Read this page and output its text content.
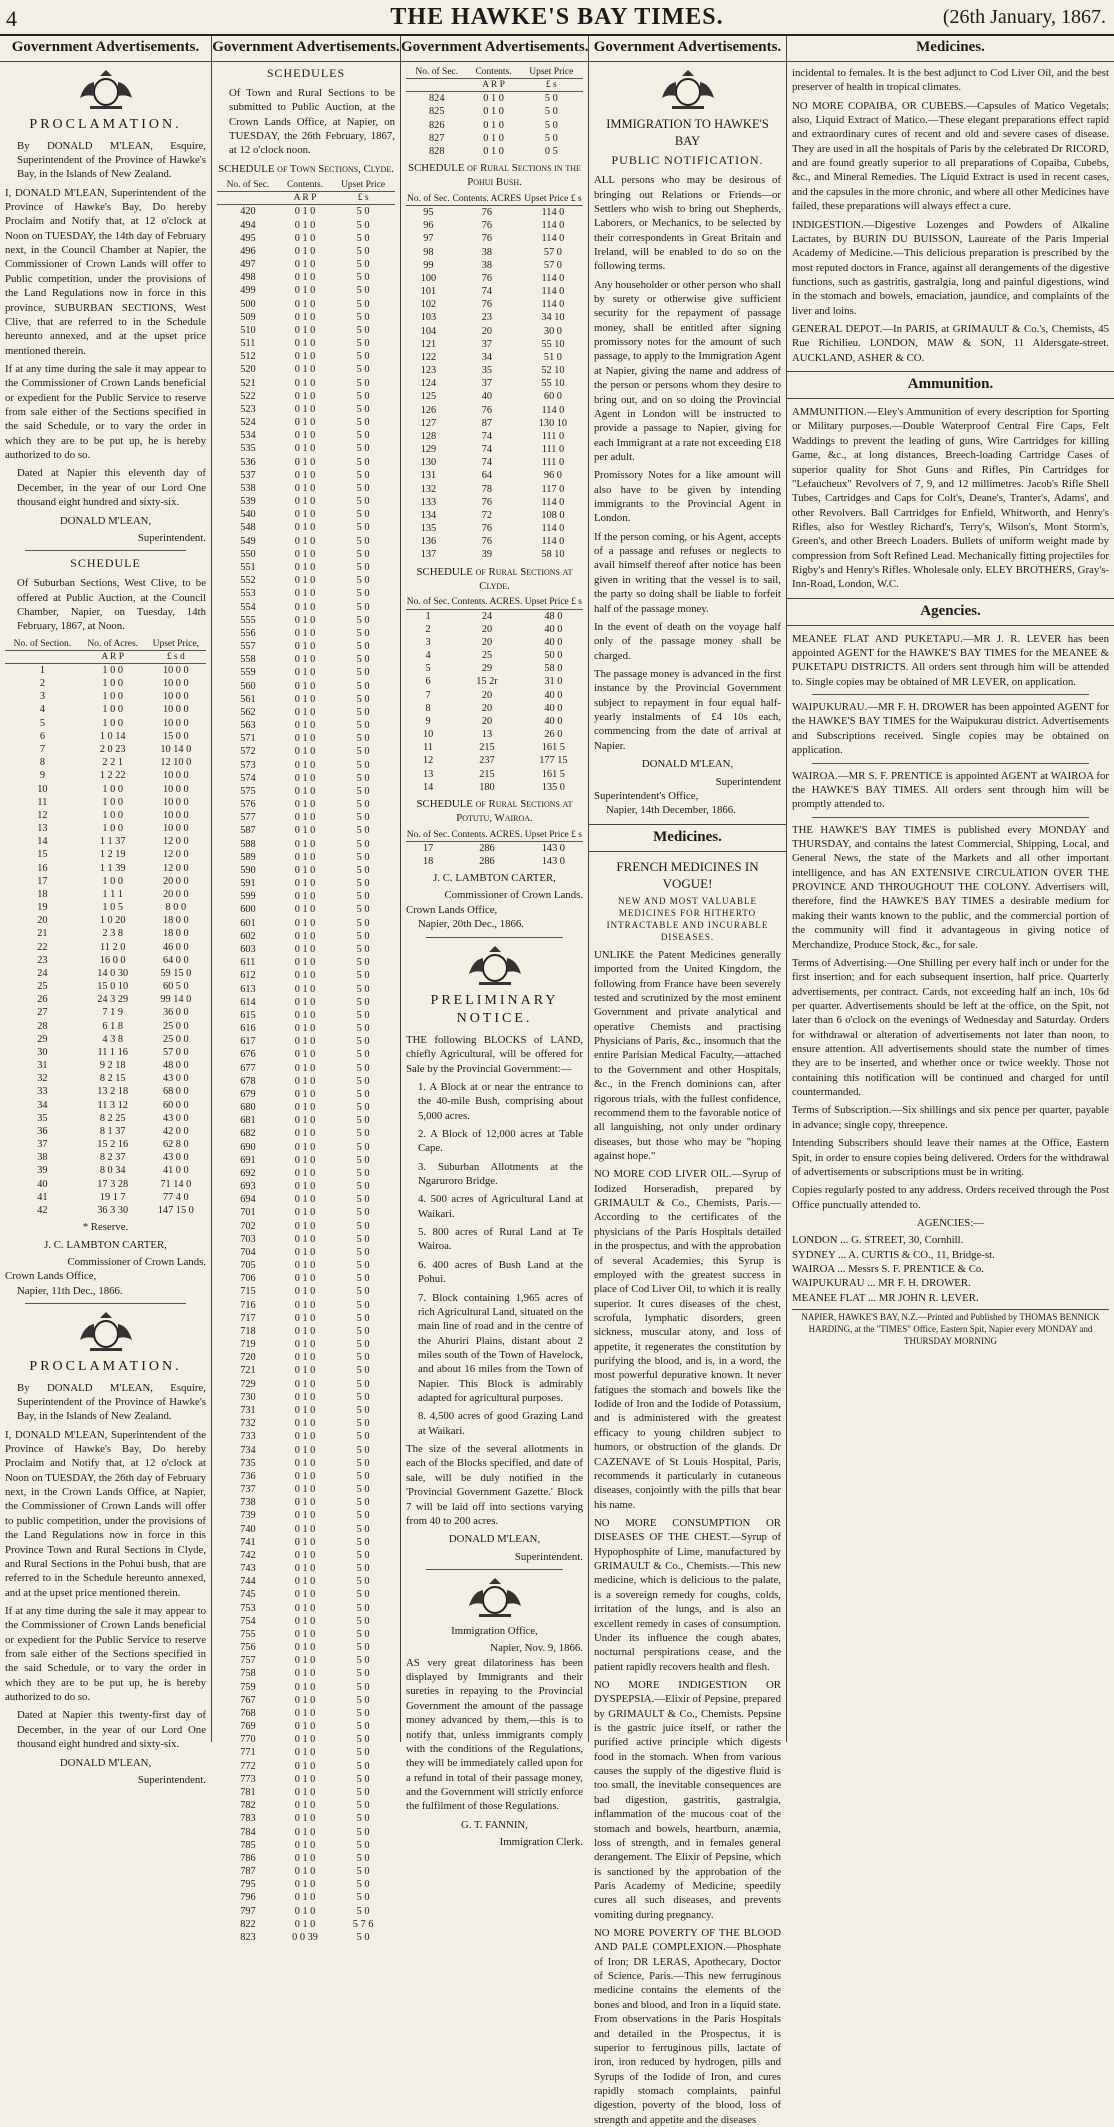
4	THE HAWKE'S BAY TIMES.	(26th January, 1867.
Government Advertisements.
PROCLAMATION.

By DONALD M'LEAN, Esquire, Superintendent of the Province of Hawke's Bay, in the Islands of New Zealand.

I, DONALD M'LEAN, Superintendent of the Province of Hawke's Bay, Do hereby Proclaim and Notify that, at 12 o'clock at Noon on TUESDAY, the 14th day of February next, in the Council Chamber at Napier, the Commissioner of Crown Lands will offer to Public competition, under the provisions of the Land Regulations now in force in this province, SUBURBAN SECTIONS, West Clive, that are referred to in the Schedule hereunto annexed, and at the upset price mentioned therein.

If at any time during the sale it may appear to the Commissioner of Crown Lands beneficial or expedient for the Public Service to reserve from sale either of the Sections specified in the said Schedule, or to vary the order in which they are to be put up, he is hereby authorized to do so.

Dated at Napier this eleventh day of December, in the year of our Lord One thousand eight hundred and sixty-six.

DONALD M'LEAN,
Superintendent.
SCHEDULE

Of Suburban Sections, West Clive, to be offered at Public Auction, at the Council Chamber, Napier, on Tuesday, 14th February, 1867, at Noon.

No. of Section.	No. of Acres.	Upset Price,
	A R P	£ s d
1	1 0 0	10 0 0
2	1 0 0	10 0 0
3	1 0 0	10 0 0
4	1 0 0	10 0 0
5	1 0 0	10 0 0
6	1 0 14	15 0 0
7	2 0 23	10 14 0
8	2 2 1	12 10 0
9	1 2 22	10 0 0
10	1 0 0	10 0 0
11	1 0 0	10 0 0
12	1 0 0	10 0 0
13	1 0 0	10 0 0
14	1 1 37	12 0 0
15	1 2 19	12 0 0
16	1 1 39	12 0 0
17	1 0 0	20 0 0
18	1 1 1	20 0 0
19	1 0 5	8 0 0
20	1 0 20	18 0 0
21	2 3 8	18 0 0
22	11 2 0	46 0 0
23	16 0 0	64 0 0
24	14 0 30	59 15 0
25	15 0 10	60 5 0
26	24 3 29	99 14 0
27	7 1 9	36 0 0
28	6 1 8	25 0 0
29	4 3 8	25 0 0
30	11 1 16	57 0 0
31	9 2 18	48 0 0
32	8 2 15	43 0 0
33	13 2 18	68 0 0
34	11 3 12	60 0 0
35	8 2 25	43 0 0
36	8 1 37	42 0 0
37	15 2 16	62 8 0
38	8 2 37	43 0 0
39	8 0 34	41 0 0
40	17 3 28	71 14 0
41	19 1 7	77 4 0
42	36 3 30	147 15 0
* Reserve.
J. C. LAMBTON CARTER,
Commissioner of Crown Lands.
Crown Lands Office,
Napier, 11th Dec., 1866.
PROCLAMATION.

By DONALD M'LEAN, Esquire, Superintendent of the Province of Hawke's Bay, in the Islands of New Zealand.

I, DONALD M'LEAN, Superintendent of the Province of Hawke's Bay, Do hereby Proclaim and Notify that, at 12 o'clock at Noon on TUESDAY, the 26th day of February next, in the Crown Lands Office, at Napier, the Commissioner of Crown Lands will offer to public competition, under the provisions of the Land Regulations now in force in this Province Town and Rural Sections in Clyde, and Rural Sections in the Pohui bush, that are referred to in the Schedule hereunto annexed, and at the upset price mentioned therein.

If at any time during the sale it may appear to the Commissioner of Crown Lands beneficial or expedient for the Public Service to reserve from sale either of the Sections specified in the said Schedule, or to vary the order in which they are to be put up, he is hereby authorized to do so.

Dated at Napier this twenty-first day of December, in the year of our Lord One thousand eight hundred and sixty-six.

DONALD M'LEAN,
Superintendent.
Government Advertisements.
SCHEDULES

Of Town and Rural Sections to be submitted to Public Auction, at the Crown Lands Office, at Napier, on TUESDAY, the 26th February, 1867, at 12 o'clock noon.

SCHEDULE of Town Sections, Clyde.
No. of Sec.	Contents.	Upset Price
	A R P	£ s
420	0 1 0	5 0
494	0 1 0	5 0
495	0 1 0	5 0
496	0 1 0	5 0
497	0 1 0	5 0
498	0 1 0	5 0
499	0 1 0	5 0
500	0 1 0	5 0
509	0 1 0	5 0
510	0 1 0	5 0
511	0 1 0	5 0
512	0 1 0	5 0
520	0 1 0	5 0
521	0 1 0	5 0
522	0 1 0	5 0
523	0 1 0	5 0
524	0 1 0	5 0
534	0 1 0	5 0
535	0 1 0	5 0
536	0 1 0	5 0
537	0 1 0	5 0
538	0 1 0	5 0
539	0 1 0	5 0
540	0 1 0	5 0
548	0 1 0	5 0
549	0 1 0	5 0
550	0 1 0	5 0
551	0 1 0	5 0
552	0 1 0	5 0
553	0 1 0	5 0
554	0 1 0	5 0
555	0 1 0	5 0
556	0 1 0	5 0
557	0 1 0	5 0
558	0 1 0	5 0
559	0 1 0	5 0
560	0 1 0	5 0
561	0 1 0	5 0
562	0 1 0	5 0
563	0 1 0	5 0
571	0 1 0	5 0
572	0 1 0	5 0
573	0 1 0	5 0
574	0 1 0	5 0
575	0 1 0	5 0
576	0 1 0	5 0
577	0 1 0	5 0
587	0 1 0	5 0
588	0 1 0	5 0
589	0 1 0	5 0
590	0 1 0	5 0
591	0 1 0	5 0
599	0 1 0	5 0
600	0 1 0	5 0
601	0 1 0	5 0
602	0 1 0	5 0
603	0 1 0	5 0
611	0 1 0	5 0
612	0 1 0	5 0
613	0 1 0	5 0
614	0 1 0	5 0
615	0 1 0	5 0
616	0 1 0	5 0
617	0 1 0	5 0
676	0 1 0	5 0
677	0 1 0	5 0
678	0 1 0	5 0
679	0 1 0	5 0
680	0 1 0	5 0
681	0 1 0	5 0
682	0 1 0	5 0
690	0 1 0	5 0
691	0 1 0	5 0
692	0 1 0	5 0
693	0 1 0	5 0
694	0 1 0	5 0
701	0 1 0	5 0
702	0 1 0	5 0
703	0 1 0	5 0
704	0 1 0	5 0
705	0 1 0	5 0
706	0 1 0	5 0
715	0 1 0	5 0
716	0 1 0	5 0
717	0 1 0	5 0
718	0 1 0	5 0
719	0 1 0	5 0
720	0 1 0	5 0
721	0 1 0	5 0
729	0 1 0	5 0
730	0 1 0	5 0
731	0 1 0	5 0
732	0 1 0	5 0
733	0 1 0	5 0
734	0 1 0	5 0
735	0 1 0	5 0
736	0 1 0	5 0
737	0 1 0	5 0
738	0 1 0	5 0
739	0 1 0	5 0
740	0 1 0	5 0
741	0 1 0	5 0
742	0 1 0	5 0
743	0 1 0	5 0
744	0 1 0	5 0
745	0 1 0	5 0
753	0 1 0	5 0
754	0 1 0	5 0
755	0 1 0	5 0
756	0 1 0	5 0
757	0 1 0	5 0
758	0 1 0	5 0
759	0 1 0	5 0
767	0 1 0	5 0
768	0 1 0	5 0
769	0 1 0	5 0
770	0 1 0	5 0
771	0 1 0	5 0
772	0 1 0	5 0
773	0 1 0	5 0
781	0 1 0	5 0
782	0 1 0	5 0
783	0 1 0	5 0
784	0 1 0	5 0
785	0 1 0	5 0
786	0 1 0	5 0
787	0 1 0	5 0
795	0 1 0	5 0
796	0 1 0	5 0
797	0 1 0	5 0
822	0 1 0	5 7 6
823	0 0 39	5 0
Government Advertisements.
No. of Sec.	Contents.	Upset Price
	A R P	£ s
824	0 1 0	5 0
825	0 1 0	5 0
826	0 1 0	5 0
827	0 1 0	5 0
828	0 1 0	0 5
SCHEDULE of Rural Sections in the Pohui Bush.
No. of Sec.	Contents. ACRES	Upset Price £ s
95	76	114 0
96	76	114 0
97	76	114 0
98	38	57 0
99	38	57 0
100	76	114 0
101	74	114 0
102	76	114 0
103	23	34 10
104	20	30 0
121	37	55 10
122	34	51 0
123	35	52 10
124	37	55 10
125	40	60 0
126	76	114 0
127	87	130 10
128	74	111 0
129	74	111 0
130	74	111 0
131	64	96 0
132	78	117 0
133	76	114 0
134	72	108 0
135	76	114 0
136	76	114 0
137	39	58 10
SCHEDULE of Rural Sections at Clyde.
No. of Sec.	Contents. ACRES.	Upset Price £ s
1	24	48 0
2	20	40 0
3	20	40 0
4	25	50 0
5	29	58 0
6	15 2r	31 0
7	20	40 0
8	20	40 0
9	20	40 0
10	13	26 0
11	215	161 5
12	237	177 15
13	215	161 5
14	180	135 0
SCHEDULE of Rural Sections at Potutu, Wairoa.
No. of Sec.	Contents. ACRES.	Upset Price £ s
17	286	143 0
18	286	143 0
J. C. LAMBTON CARTER,
Commissioner of Crown Lands.
Crown Lands Office,
Napier, 20th Dec., 1866.
PRELIMINARY NOTICE.

THE following BLOCKS of LAND, chiefly Agricultural, will be offered for Sale by the Provincial Government:—

1. A Block at or near the entrance to the 40-mile Bush, comprising about 5,000 acres.

2. A Block of 12,000 acres at Table Cape.

3. Suburban Allotments at the Ngaruroro Bridge.

4. 500 acres of Agricultural Land at Waikari.

5. 800 acres of Rural Land at Te Wairoa.

6. 400 acres of Bush Land at the Pohui.

7. Block containing 1,965 acres of rich Agricultural Land, situated on the main line of road and in the centre of the Ahuriri Plains, distant about 2 miles south of the Town of Havelock, and about 16 miles from the Town of Napier. This Block is admirably adapted for agricultural purposes.

8. 4,500 acres of good Grazing Land at Waikari.

The size of the several allotments in each of the Blocks specified, and date of sale, will be duly notified in the 'Provincial Government Gazette.' Block 7 will be laid off into sections varying from 40 to 200 acres.

DONALD M'LEAN,
Superintendent.
Immigration Office,
Napier, Nov. 9, 1866.

AS very great dilatoriness has been displayed by Immigrants and their sureties in repaying to the Provincial Government the amount of the passage money advanced by them,—this is to notify that, unless immigrants comply with the conditions of the Regulations, they will be immediately called upon for a refund in total of their passage money, and the Government will strictly enforce the fulfilment of those Regulations.

G. T. FANNIN,
Immigration Clerk.
Government Advertisements.
IMMIGRATION TO HAWKE'S BAY
PUBLIC NOTIFICATION.

ALL persons who may be desirous of bringing out Relations or Friends—or Settlers who wish to bring out Shepherds, Laborers, or Mechanics, to be selected by their correspondents in Great Britain and Ireland, will be enabled to do so on the following terms.

Any householder or other person who shall by surety or otherwise give sufficient security for the repayment of passage money, shall be entitled after signing promissory notes for the amount of such passage, to apply to the Immigration Agent at Napier, giving the name and address of the person or persons whom they desire to bring out, and on so doing the Provincial Agent in London will be instructed to provide a passage to Napier, giving for each Immigrant at a rate not exceeding £18 per adult.

Promissory Notes for a like amount will also have to be given by intending immigrants to the Provincial Agent in London.

If the person coming, or his Agent, accepts of a passage and refuses or neglects to avail himself thereof after notice has been given in writing that the vessel is to sail, the party so doing shall be liable to forfeit half of the passage money.

In the event of death on the voyage half only of the passage money shall be charged.

The passage money is advanced in the first instance by the Provincial Government subject to repayment in four equal half-yearly instalments of £4 10s each, commencing from the date of arrival at Napier.

DONALD M'LEAN,
Superintendent
Superintendent's Office,
Napier, 14th December, 1866.
Medicines.
FRENCH MEDICINES IN VOGUE!
NEW AND MOST VALUABLE MEDICINES FOR HITHERTO INTRACTABLE AND INCURABLE DISEASES.

UNLIKE the Patent Medicines generally imported from the United Kingdom, the following from France have been severely tested and scrutinized by the most eminent Government and private analytical and operative Chemists and practising Physicians of Paris, &c., insomuch that the entire Parisian Medical Faculty,—attached to the Government and other Hospitals, &c., in the French dominions can, after rigorous trials, with the fullest confidence, recommend them to the favorable notice of all languishing, not only under ordinary diseases, but those who may be "hoping against hope."

NO MORE COD LIVER OIL.—Syrup of Iodized Horseradish, prepared by GRIMAULT & Co., Chemists, Paris.—According to the certificates of the physicians of the Paris Hospitals detailed in the prospectus, and with the approbation of several Academies, this Syrup is employed with the greatest success in place of Cod Liver Oil, to which it is really superior. It cures diseases of the chest, scrofula, lymphatic disorders, green sickness, muscular atony, and loss of appetite, it regenerates the constitution by purifying the blood, and is, in a word, the most powerful depurative known. It never fatigues the stomach and bowels like the Iodide of Iron and the Iodide of Potassium, and is administered with the greatest efficacy to young children subject to humors, or obstruction of the glands. Dr CAZENAVE of St Louis Hospital, Paris, recommends it particularly in cutaneous diseases, conjointly with the pills that bear his name.

NO MORE CONSUMPTION OR DISEASES OF THE CHEST.—Syrup of Hypophosphite of Lime, manufactured by GRIMAULT & Co., Chemists.—This new medicine, which is delicious to the palate, is a sovereign remedy for coughs, colds, irritation of the lungs, and is also an excellent remedy in cases of consumption. Under its influence the cough abates, nocturnal perspirations cease, and the patient rapidly recovers health and flesh.

NO MORE INDIGESTION OR DYSPEPSIA.—Elixir of Pepsine, prepared by GRIMAULT & Co., Chemists. Pepsine is the gastric juice itself, or rather the purified active principle which digests food in the stomach. When from various causes the supply of the digestive fluid is too small, the inevitable consequences are bad digestion, gastritis, gastralgia, inflammation of the mucous coat of the stomach and bowels, heartburn, anæmia, loss of strength, and in females general derangement. The Elixir of Pepsine, which is sanctioned by the approbation of the Paris Academy of Medicine, speedily cures all such diseases, and prevents vomiting during pregnancy.

NO MORE POVERTY OF THE BLOOD AND PALE COMPLEXION.—Phosphate of Iron; DR LERAS, Apothecary, Doctor of Science, Paris.—This new ferruginous medicine contains the elements of the bones and blood, and Iron in a liquid state. From observations in the Paris Hospitals and detailed in the Prospectus, it is superior to ferruginous pills, lactate of iron, iron reduced by hydrogen, pills and Syrups of the Iodide of Iron, and cures rapidly stomach complaints, painful digestion, poverty of the blood, loss of strength and appetite and the diseases

Medicines.

incidental to females. It is the best adjunct to Cod Liver Oil, and the best preserver of health in tropical climates.

NO MORE COPAIBA, OR CUBEBS.—Capsules of Matico Vegetals; also, Liquid Extract of Matico.—These elegant preparations effect rapid and extraordinary cures of recent and old and severe cases of disease. They are used in all the hospitals of Paris by the celebrated Dr RICORD, and are found greatly superior to all preparations of Copaiba, Cubebs, &c., and Mineral Remedies. The Liquid Extract is used in recent cases, and the capsules in the more chronic, and where all other Medicines have failed, these preparations will always effect a cure.

INDIGESTION.—Digestive Lozenges and Powders of Alkaline Lactates, by BURIN DU BUISSON, Laureate of the Paris Imperial Academy of Medicine.—This delicious preparation is prescribed by the most reputed doctors in France, against all derangements of the digestive functions, such as gastritis, gastralgia, long and painful digestions, wind in the stomach and bowels, emaciation, jaundice, and complaints of the liver and loins.

GENERAL DEPOT.—In PARIS, at GRIMAULT & Co.'s, Chemists, 45 Rue Richilieu. LONDON, MAW & SON, 11 Aldersgate-street. AUCKLAND, ASHER & CO.

Ammunition.

AMMUNITION.—Eley's Ammunition of every description for Sporting or Military purposes.—Double Waterproof Central Fire Caps, Felt Waddings to prevent the leading of guns, Wire Cartridges for killing Game, &c., at long distances, Breech-loading Cartridge Cases of superior quality for Shot Guns and Rifles, Pin Cartridges for "Lefaucheux" Revolvers of 7, 9, and 12 millimetres. Jacob's Rifle Shell Tubes, Cartridges and Caps for Colt's, Deane's, Tranter's, Adams', and other Revolvers. Ball Cartridges for Enfield, Whitworth, and Henry's Rifles, also for Westley Richard's, Terry's, Wilson's, Mont Storm's, Green's, and other Breech Loaders. Bullets of uniform weight made by compression from Soft Refined Lead. Mechanically fitting projectiles for Rigby's and Henry's Rifles. Wholesale only. ELEY BROTHERS, Gray's-Inn-Road, London, W.C.

Agencies.

MEANEE FLAT AND PUKETAPU.—MR J. R. LEVER has been appointed AGENT for the HAWKE'S BAY TIMES for the MEANEE & PUKETAPU DISTRICTS. All orders sent through him will be attended to. Single copies may be obtained of MR LEVER, on application.

WAIPUKURAU.—MR F. H. DROWER has been appointed AGENT for the HAWKE'S BAY TIMES for the Waipukurau district. Advertisements and Subscriptions received. Single copies may be obtained on application.

WAIROA.—MR S. F. PRENTICE is appointed AGENT at WAIROA for the HAWKE'S BAY TIMES. All orders sent through him will be promptly attended to.

THE HAWKE'S BAY TIMES is published every MONDAY and THURSDAY, and contains the latest Commercial, Shipping, Local, and General News, the state of the Markets and all other important intelligence, and has AN EXTENSIVE CIRCULATION OVER THE PROVINCE AND THROUGHOUT THE COLONY. Advertisers will, therefore, find the HAWKE'S BAY TIMES a desirable medium for making their wants known to the public, and the commercial portion of the community will find it advantageous in giving notice of Merchandize, Produce Stock, &c., for sale.

Terms of Advertising.—One Shilling per every half inch or under for the first insertion; and for each subsequent insertion, half price. Quarterly advertisements, per contract. Cards, not exceeding half an inch, 10s 6d per quarter. Advertisements should be left at the office, on the Spit, not later than 6 o'clock on the evenings of Wednesday and Saturday. Orders for withdrawal or alteration of advertisements not later than noon, to ensure attention. All advertisements should state the number of times they are to be inserted, and whether once or twice weekly. Those not containing this notification will be continued and charged for until countermanded.

Terms of Subscription.—Six shillings and six pence per quarter, payable in advance; single copy, threepence.

Intending Subscribers should leave their names at the Office, Eastern Spit, in order to ensure copies being delivered. Orders for the withdrawal of advertisements or subscriptions must be in writing.

Copies regularly posted to any address. Orders received through the Post Office punctually attended to.

AGENCIES:—
LONDON ... G. STREET, 30, Cornhill.
SYDNEY ... A. CURTIS & CO., 11, Bridge-st.
WAIROA ... Messrs S. F. PRENTICE & Co.
WAIPUKURAU ... MR F. H. DROWER.
MEANEE FLAT ... MR JOHN R. LEVER.
NAPIER, HAWKE'S BAY, N.Z.—Printed and Published by THOMAS BENNICK HARDING, at the "TIMES" Office, Eastern Spit, Napier every MONDAY and THURSDAY MORNING
